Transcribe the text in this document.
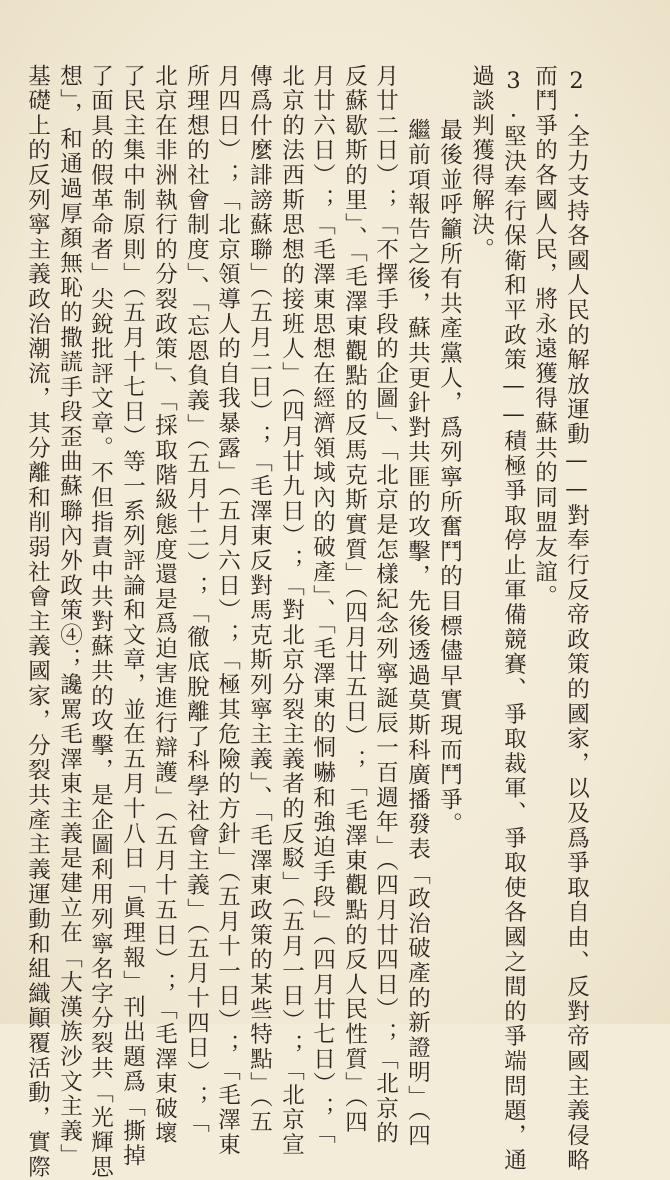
2.全力支持各國人民的解放運動——對奉行反帝政策的國家，以及爲爭取自由、反對帝國主義侵略
而鬥爭的各國人民，將永遠獲得蘇共的同盟友誼。
3.堅決奉行保衛和平政策——積極爭取停止軍備競賽、爭取裁軍、爭取使各國之間的爭端問題，通
過談判獲得解決。
最後並呼籲所有共產黨人，爲列寧所奮鬥的目標儘早實現而鬥爭。
繼前項報告之後，蘇共更針對共匪的攻擊，先後透過莫斯科廣播發表「政治破產的新證明」（四
月廿二日）；「不擇手段的企圖」、「北京是怎樣紀念列寧誕辰一百週年」（四月廿四日）；「北京的
反蘇歇斯的里」、「毛澤東觀點的反馬克斯實質」（四月廿五日）；「毛澤東觀點的反人民性質」（四
月廿六日）；「毛澤東思想在經濟領域內的破產」、「毛澤東的恫嚇和強迫手段」（四月廿七日）；「
北京的法西斯思想的接班人」（四月廿九日）；「對北京分裂主義者的反駁」（五月一日）；「北京宣
傳爲什麼誹謗蘇聯」（五月二日）；「毛澤東反對馬克斯列寧主義」、「毛澤東政策的某些特點」（五
月四日）；「北京領導人的自我暴露」（五月六日）；「極其危險的方針」（五月十一日）；「毛澤東
所理想的社會制度」、「忘恩負義」（五月十二）；「徹底脫離了科學社會主義」（五月十四日）；「
北京在非洲執行的分裂政策」、「採取階級態度還是爲迫害進行辯護」（五月十五日）；「毛澤東破壞
了民主集中制原則」（五月十七日）等一系列評論和文章，並在五月十八日「眞理報」刊出題爲「撕掉
了面具的假革命者」尖銳批評文章。不但指責中共對蘇共的攻擊，是企圖利用列寧名字分裂共「光輝思
想」，和通過厚顏無恥的撒謊手段歪曲蘇聯內外政策④；讒罵毛澤東主義是建立在「大漢族沙文主義」
基礎上的反列寧主義政治潮流，其分離和削弱社會主義國家，分裂共產主義運動和組織顚覆活動，實際
